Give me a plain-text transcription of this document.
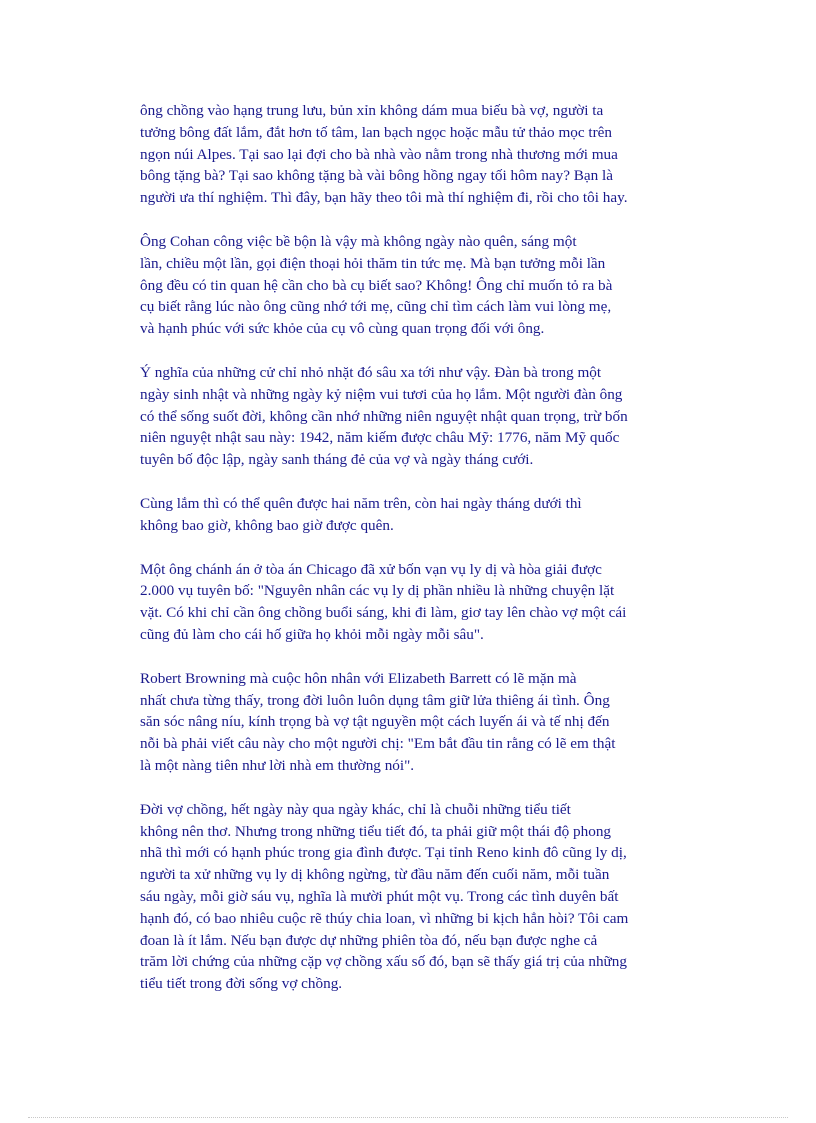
ông chồng vào hạng trung lưu, bủn xỉn không dám mua biếu bà vợ, người ta
tưởng bông đất lắm, đắt hơn tố tâm, lan bạch ngọc hoặc mẫu tử thảo mọc trên
ngọn núi Alpes. Tại sao lại đợi cho bà nhà vào nằm trong nhà thương mới mua
bông tặng bà? Tại sao không tặng bà vài bông hồng ngay tối hôm nay? Bạn là
người ưa thí nghiệm. Thì đây, bạn hãy theo tôi mà thí nghiệm đi, rồi cho tôi hay.

Ông Cohan công việc bề bộn là vậy mà không ngày nào quên, sáng một
lần, chiều một lần, gọi điện thoại hỏi thăm tin tức mẹ. Mà bạn tưởng mỗi lần
ông đều có tin quan hệ cần cho bà cụ biết sao? Không! Ông chỉ muốn tỏ ra bà
cụ biết rằng lúc nào ông cũng nhớ tới mẹ, cũng chỉ tìm cách làm vui lòng mẹ,
và hạnh phúc với sức khỏe của cụ vô cùng quan trọng đối với ông.

Ý nghĩa của những cử chỉ nhỏ nhặt đó sâu xa tới như vậy. Đàn bà trong một
ngày sinh nhật và những ngày kỷ niệm vui tươi của họ lắm. Một người đàn ông
có thể sống suốt đời, không cần nhớ những niên nguyệt nhật quan trọng, trừ bốn
niên nguyệt nhật sau này: 1942, năm kiếm được châu Mỹ: 1776, năm Mỹ quốc
tuyên bố độc lập, ngày sanh tháng đẻ của vợ và ngày tháng cưới.

Cùng lắm thì có thể quên được hai năm trên, còn hai ngày tháng dưới thì
không bao giờ, không bao giờ được quên.

Một ông chánh án ở tòa án Chicago đã xử bốn vạn vụ ly dị và hòa giải được
2.000 vụ tuyên bố: "Nguyên nhân các vụ ly dị phần nhiều là những chuyện lặt
vặt. Có khi chỉ cần ông chồng buổi sáng, khi đi làm, giơ tay lên chào vợ một cái
cũng đủ làm cho cái hố giữa họ khỏi mỗi ngày mỗi sâu".

Robert Browning mà cuộc hôn nhân với Elizabeth Barrett có lẽ mặn mà
nhất chưa từng thấy, trong đời luôn luôn dụng tâm giữ lửa thiêng ái tình. Ông
săn sóc nâng níu, kính trọng bà vợ tật nguyền một cách luyến ái và tế nhị đến
nỗi bà phải viết câu này cho một người chị: "Em bắt đầu tin rằng có lẽ em thật
là một nàng tiên như lời nhà em thường nói".

Đời vợ chồng, hết ngày này qua ngày khác, chỉ là chuỗi những tiểu tiết
không nên thơ. Nhưng trong những tiểu tiết đó, ta phải giữ một thái độ phong
nhã thì mới có hạnh phúc trong gia đình được. Tại tỉnh Reno kinh đô cũng ly dị,
người ta xử những vụ ly dị không ngừng, từ đầu năm đến cuối năm, mỗi tuần
sáu ngày, mỗi giờ sáu vụ, nghĩa là mười phút một vụ. Trong các tình duyên bất
hạnh đó, có bao nhiêu cuộc rẽ thúy chia loan, vì những bi kịch hẳn hòi? Tôi cam
đoan là ít lắm. Nếu bạn được dự những phiên tòa đó, nếu bạn được nghe cả
trăm lời chứng của những cặp vợ chồng xấu số đó, bạn sẽ thấy giá trị của những
tiểu tiết trong đời sống vợ chồng.
